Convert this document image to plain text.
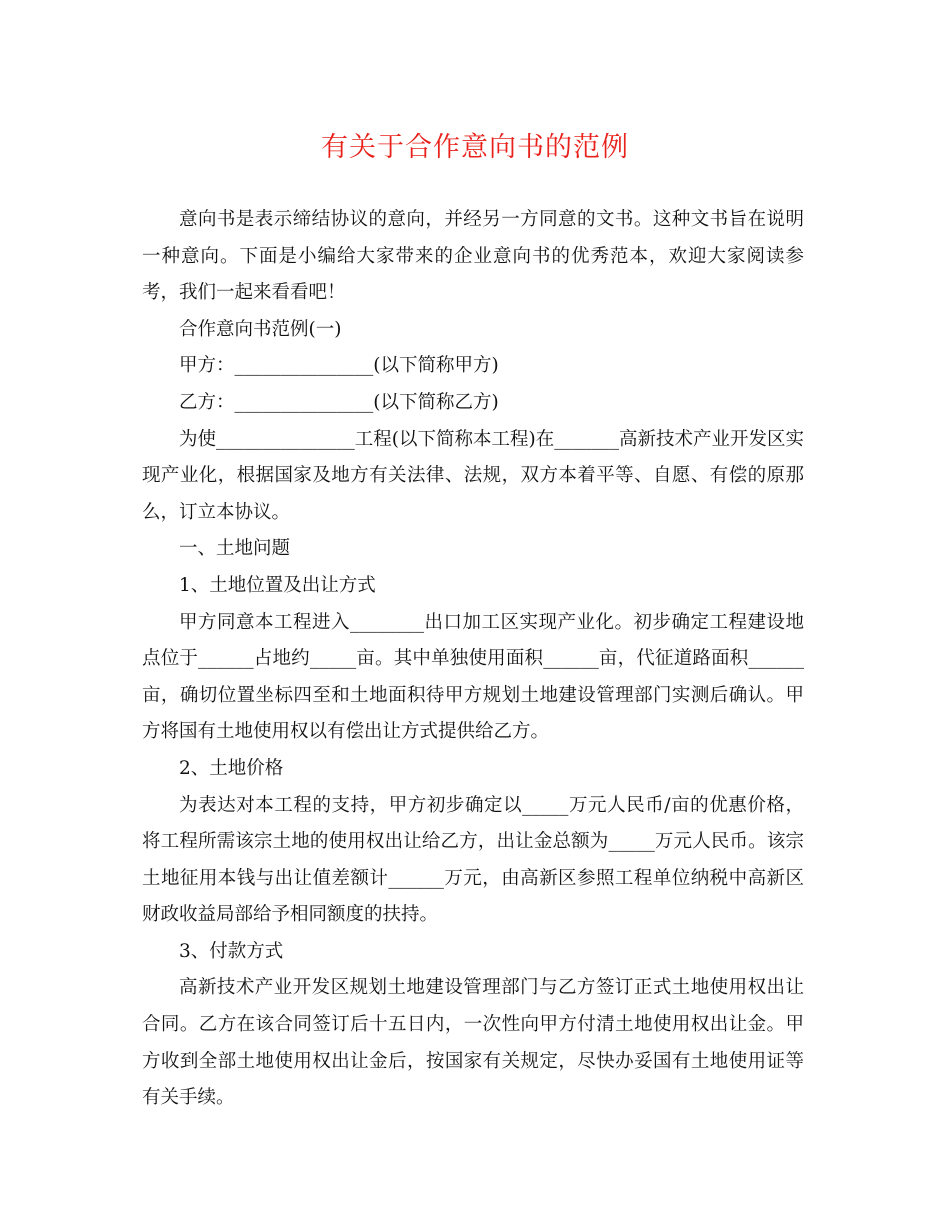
有关于合作意向书的范例

意向书是表示缔结协议的意向，并经另一方同意的文书。这种文书旨在说明一种意向。下面是小编给大家带来的企业意向书的优秀范本，欢迎大家阅读参考，我们一起来看看吧！

合作意向书范例(一)

甲方：_______________(以下简称甲方)

乙方：_______________(以下简称乙方)

为使_______________工程(以下简称本工程)在_______高新技术产业开发区实现产业化，根据国家及地方有关法律、法规，双方本着平等、自愿、有偿的原那么，订立本协议。

一、土地问题

1、土地位置及出让方式

甲方同意本工程进入________出口加工区实现产业化。初步确定工程建设地点位于______占地约_____亩。其中单独使用面积______亩，代征道路面积______亩，确切位置坐标四至和土地面积待甲方规划土地建设管理部门实测后确认。甲方将国有土地使用权以有偿出让方式提供给乙方。

2、土地价格

为表达对本工程的支持，甲方初步确定以_____万元人民币/亩的优惠价格，将工程所需该宗土地的使用权出让给乙方，出让金总额为_____万元人民币。该宗土地征用本钱与出让值差额计______万元，由高新区参照工程单位纳税中高新区财政收益局部给予相同额度的扶持。

3、付款方式

高新技术产业开发区规划土地建设管理部门与乙方签订正式土地使用权出让合同。乙方在该合同签订后十五日内，一次性向甲方付清土地使用权出让金。甲方收到全部土地使用权出让金后，按国家有关规定，尽快办妥国有土地使用证等有关手续。
